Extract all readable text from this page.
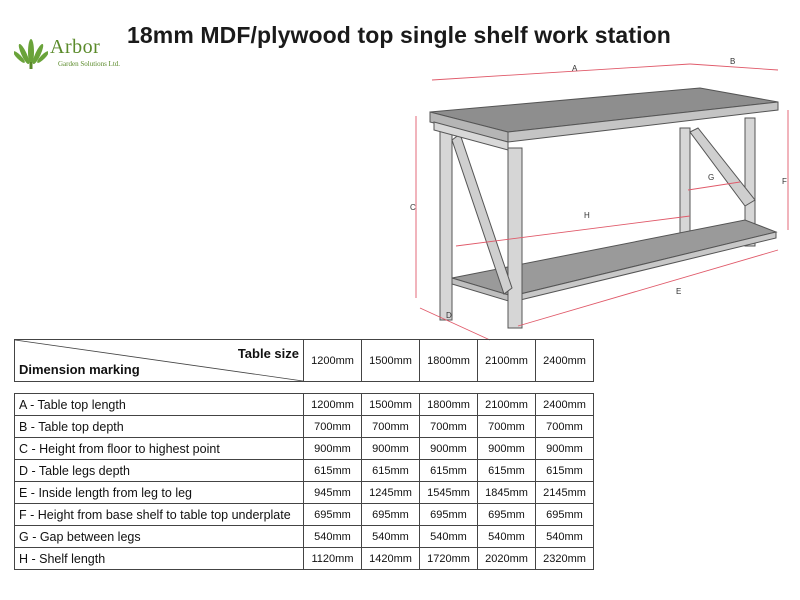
Arbor
Garden Solutions Ltd.
18mm MDF/plywood top single shelf work station
A
B
C
D
E
F
G
H
Table size
Dimension marking
	1200mm	1500mm	1800mm	2100mm	2400mm
A - Table top length	1200mm	1500mm	1800mm	2100mm	2400mm
B - Table top depth	700mm	700mm	700mm	700mm	700mm
C - Height from floor to highest point	900mm	900mm	900mm	900mm	900mm
D - Table legs depth	615mm	615mm	615mm	615mm	615mm
E - Inside length from leg to leg	945mm	1245mm	1545mm	1845mm	2145mm
F - Height from base shelf to table top underplate	695mm	695mm	695mm	695mm	695mm
G - Gap between legs	540mm	540mm	540mm	540mm	540mm
H - Shelf length	1120mm	1420mm	1720mm	2020mm	2320mm
